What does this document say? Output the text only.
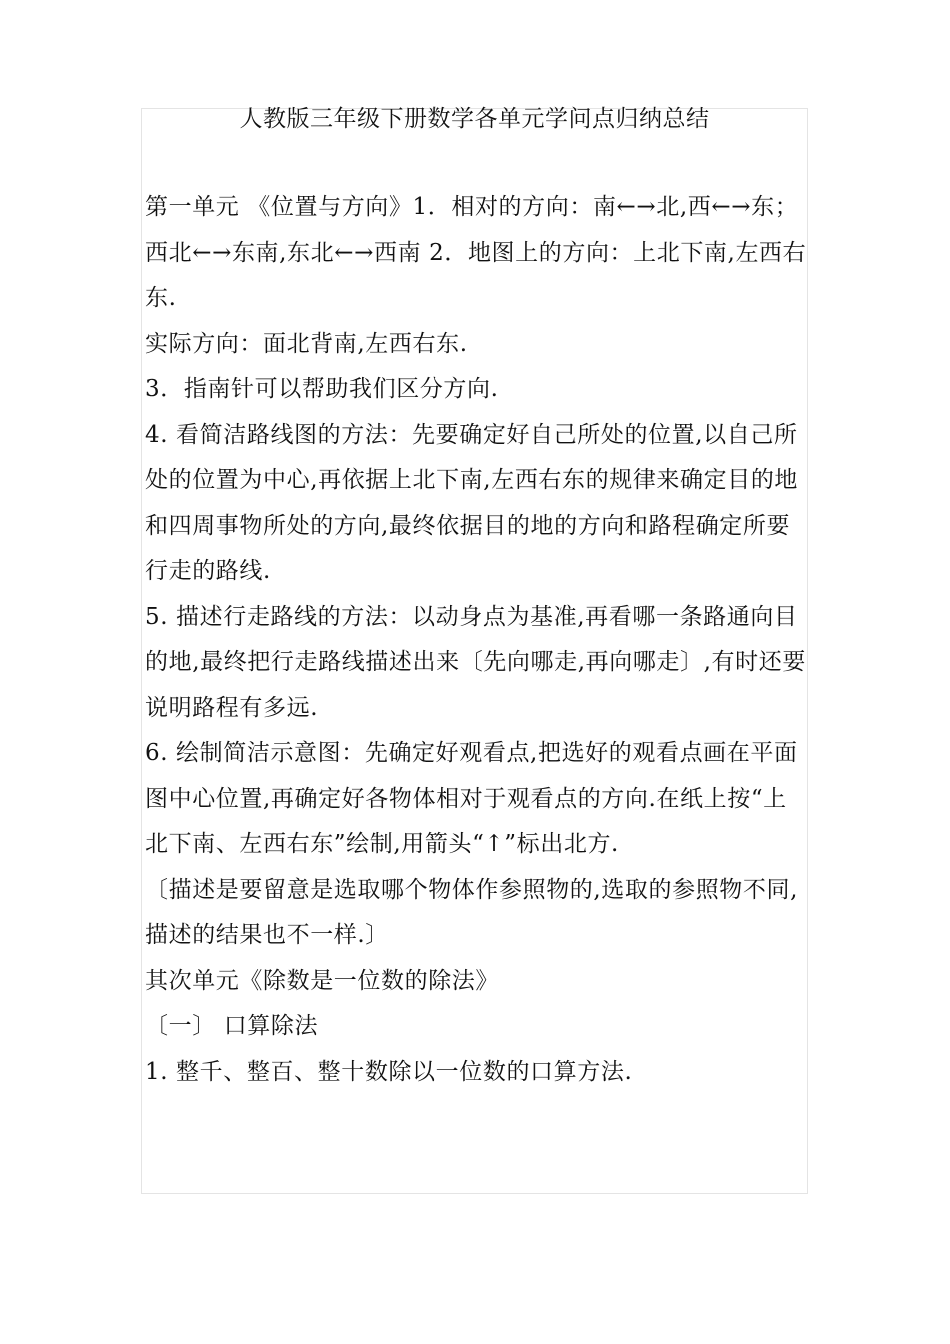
人教版三年级下册数学各单元学问点归纳总结

第一单元 《位置与方向》1．相对的方向：南←→北,西←→东；西北←→东南,东北←→西南 2．地图上的方向：上北下南,左西右东.

实际方向：面北背南,左西右东.

3．指南针可以帮助我们区分方向.

4. 看简洁路线图的方法：先要确定好自己所处的位置,以自己所处的位置为中心,再依据上北下南,左西右东的规律来确定目的地和四周事物所处的方向,最终依据目的地的方向和路程确定所要行走的路线.

5. 描述行走路线的方法：以动身点为基准,再看哪一条路通向目的地,最终把行走路线描述出来〔先向哪走,再向哪走〕,有时还要说明路程有多远.

6. 绘制简洁示意图：先确定好观看点,把选好的观看点画在平面图中心位置,再确定好各物体相对于观看点的方向.在纸上按“上北下南、左西右东”绘制,用箭头“↑”标出北方.

〔描述是要留意是选取哪个物体作参照物的,选取的参照物不同,描述的结果也不一样.〕

其次单元《除数是一位数的除法》

〔一〕 口算除法

1. 整千、整百、整十数除以一位数的口算方法.
